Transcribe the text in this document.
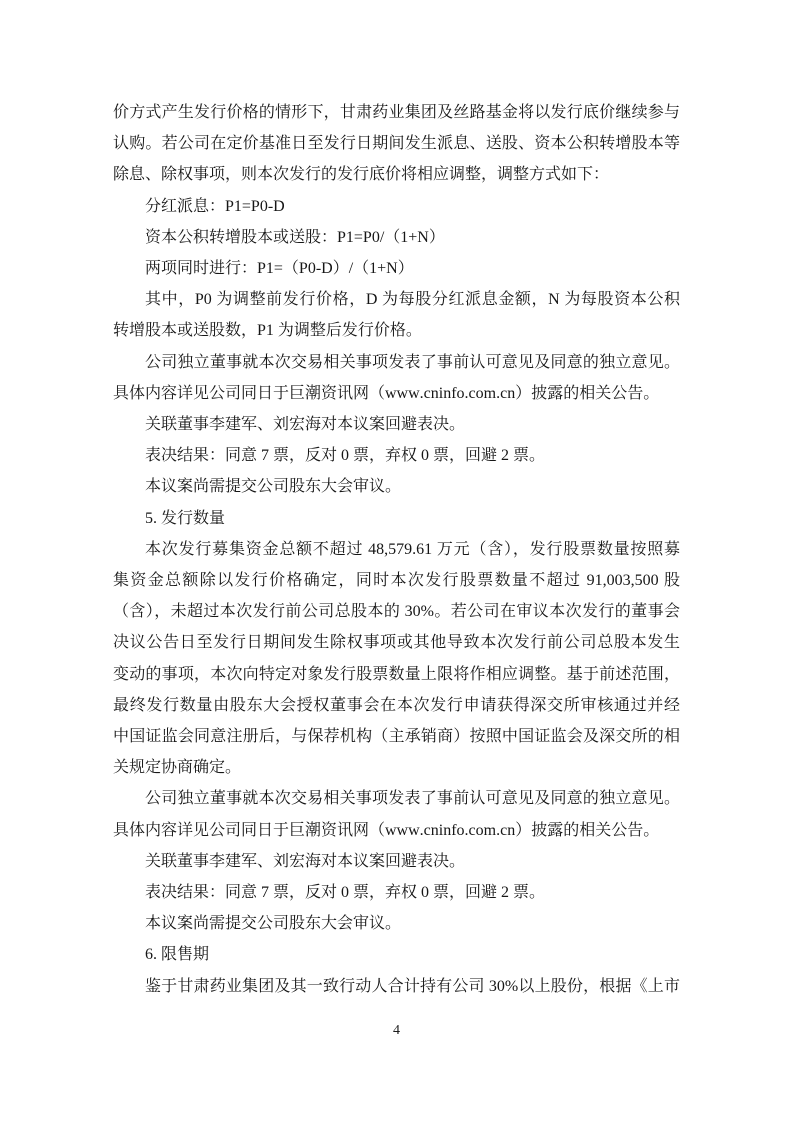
价方式产生发行价格的情形下，甘肃药业集团及丝路基金将以发行底价继续参与
认购。若公司在定价基准日至发行日期间发生派息、送股、资本公积转增股本等
除息、除权事项，则本次发行的发行底价将相应调整，调整方式如下：
分红派息：P1=P0-D
资本公积转增股本或送股：P1=P0/（1+N）
两项同时进行：P1=（P0-D）/（1+N）
其中，P0 为调整前发行价格，D 为每股分红派息金额，N 为每股资本公积
转增股本或送股数，P1 为调整后发行价格。
公司独立董事就本次交易相关事项发表了事前认可意见及同意的独立意见。
具体内容详见公司同日于巨潮资讯网（www.cninfo.com.cn）披露的相关公告。
关联董事李建军、刘宏海对本议案回避表决。
表决结果：同意 7 票，反对 0 票，弃权 0 票，回避 2 票。
本议案尚需提交公司股东大会审议。
5. 发行数量
本次发行募集资金总额不超过 48,579.61 万元（含），发行股票数量按照募
集资金总额除以发行价格确定，同时本次发行股票数量不超过 91,003,500 股
（含），未超过本次发行前公司总股本的 30%。若公司在审议本次发行的董事会
决议公告日至发行日期间发生除权事项或其他导致本次发行前公司总股本发生
变动的事项，本次向特定对象发行股票数量上限将作相应调整。基于前述范围，
最终发行数量由股东大会授权董事会在本次发行申请获得深交所审核通过并经
中国证监会同意注册后，与保荐机构（主承销商）按照中国证监会及深交所的相
关规定协商确定。
公司独立董事就本次交易相关事项发表了事前认可意见及同意的独立意见。
具体内容详见公司同日于巨潮资讯网（www.cninfo.com.cn）披露的相关公告。
关联董事李建军、刘宏海对本议案回避表决。
表决结果：同意 7 票，反对 0 票，弃权 0 票，回避 2 票。
本议案尚需提交公司股东大会审议。
6. 限售期
鉴于甘肃药业集团及其一致行动人合计持有公司 30%以上股份，根据《上市
4
